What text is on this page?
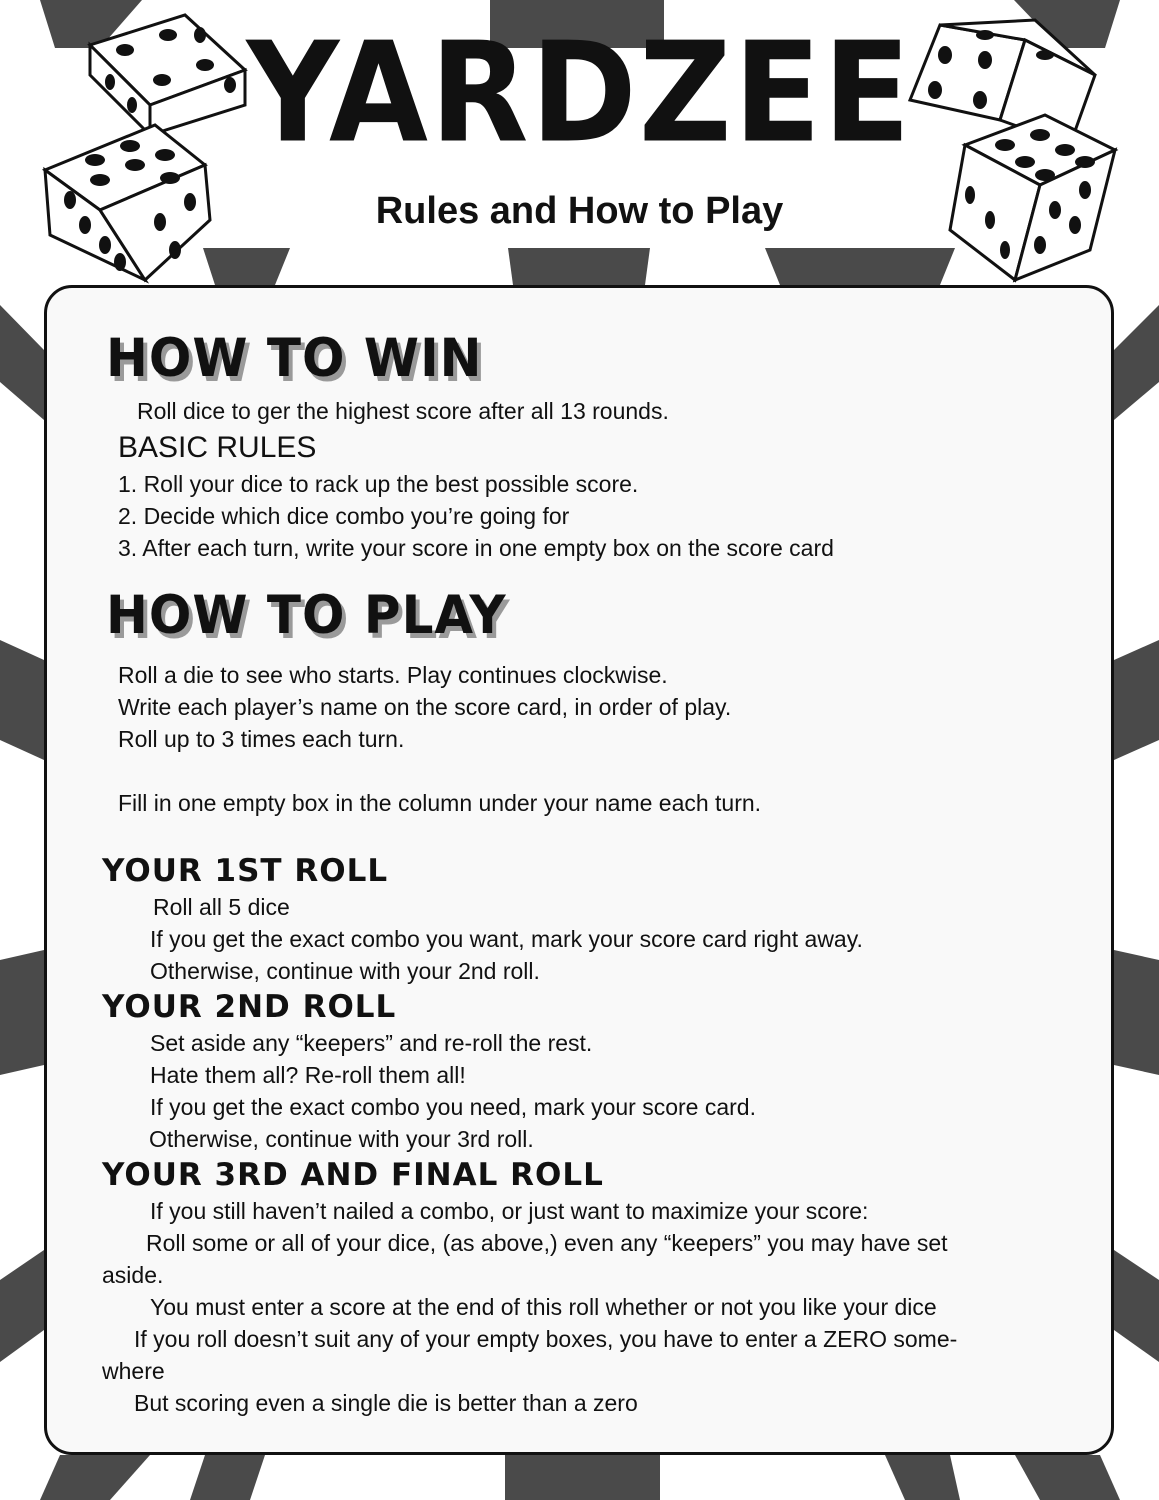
YARDZEE
Rules and How to Play
HOW TO WIN
Roll dice to ger the highest score after all 13 rounds.
BASIC RULES
1. Roll your dice to rack up the best possible score.
2. Decide which dice combo you’re going for
3. After each turn, write your score in one empty box on the score card
HOW TO PLAY
Roll a die to see who starts. Play continues clockwise.
Write each player’s name on the score card, in order of play.
Roll up to 3 times each turn.
Fill in one empty box in the column under your name each turn.
YOUR 1ST ROLL
Roll all 5 dice
If you get the exact combo you want, mark your score card right away.
Otherwise, continue with your 2nd roll.
YOUR 2ND ROLL
Set aside any “keepers” and re-roll the rest.
Hate them all? Re-roll them all!
If you get the exact combo you need, mark your score card.
Otherwise, continue with your 3rd roll.
YOUR 3RD AND FINAL ROLL
If you still haven’t nailed a combo, or just want to maximize your score:
Roll some or all of your dice, (as above,) even any “keepers” you may have set
aside.
You must enter a score at the end of this roll whether or not you like your dice
If you roll doesn’t suit any of your empty boxes, you have to enter a ZERO some-
where
But scoring even a single die is better than a zero
